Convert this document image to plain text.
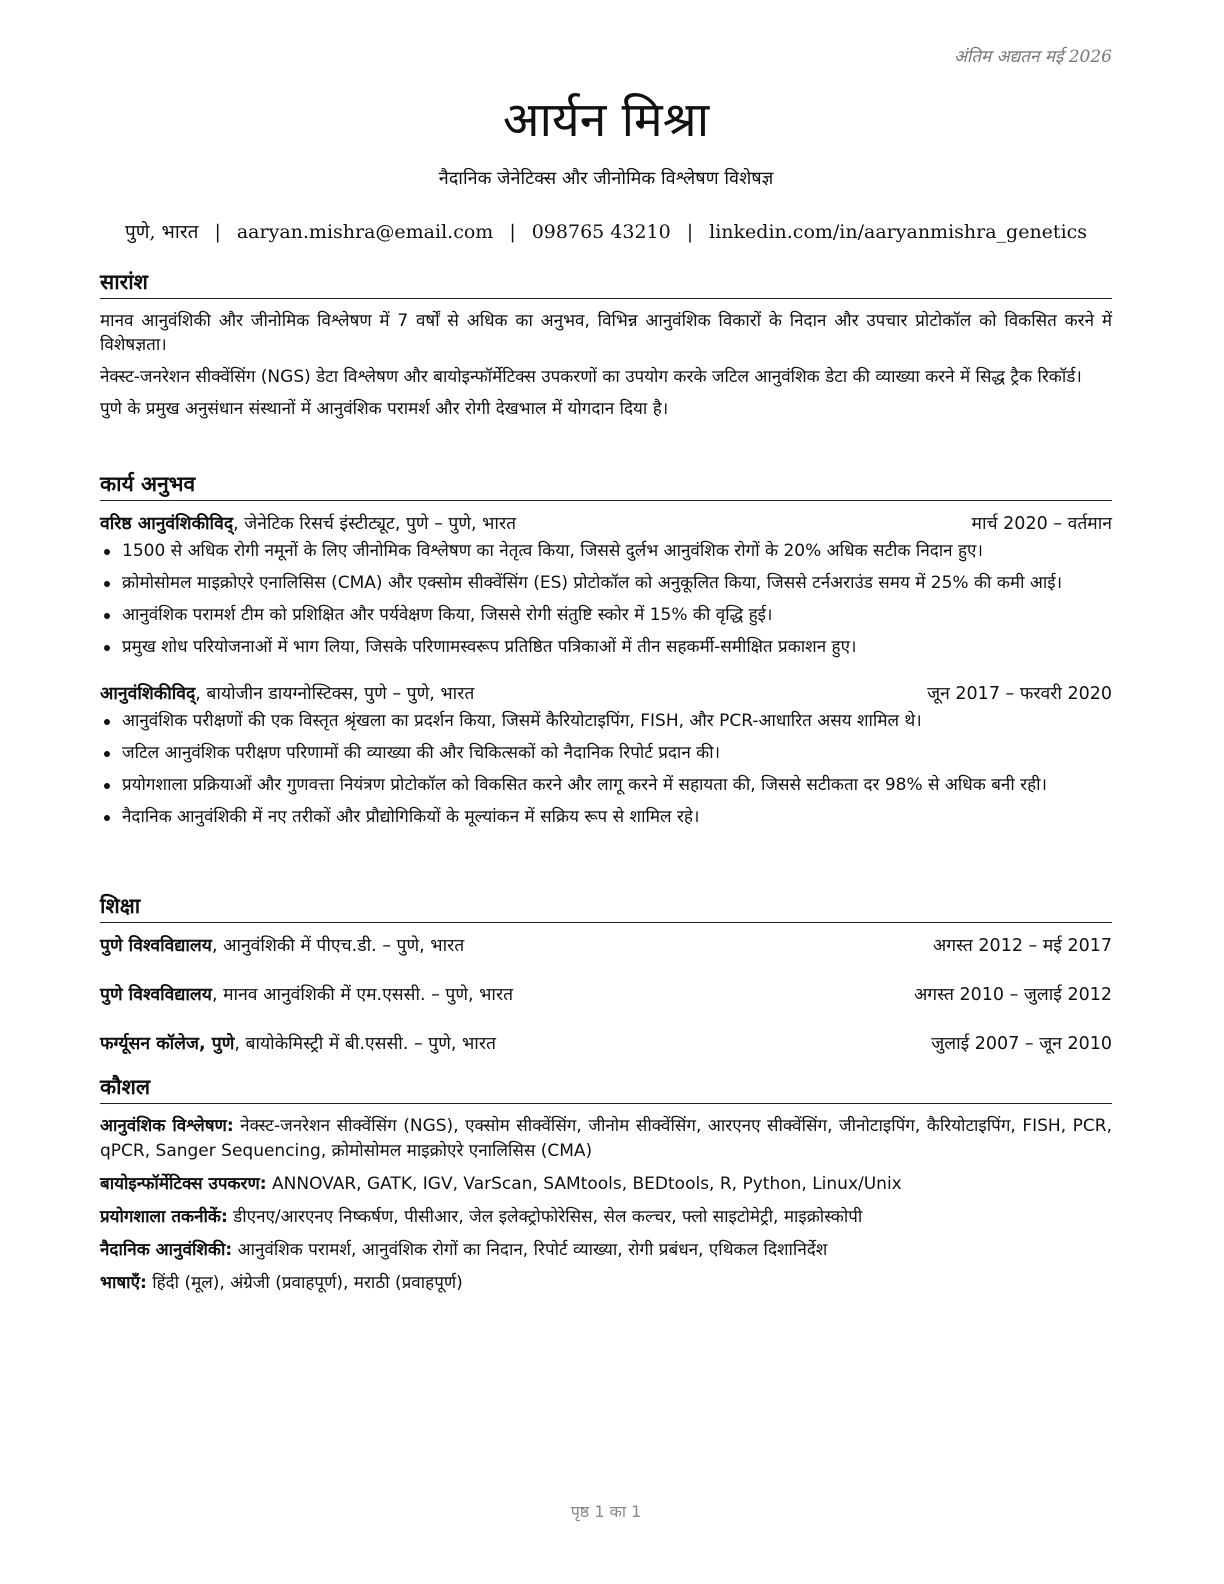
अंतिम अद्यतन मई 2026
आर्यन मिश्रा
नैदानिक जेनेटिक्स और जीनोमिक विश्लेषण विशेषज्ञ
पुणे, भारत | aaryan.mishra@email.com | 098765 43210 | linkedin.com/in/aaryanmishra_genetics
सारांश

मानव आनुवंशिकी और जीनोमिक विश्लेषण में 7 वर्षों से अधिक का अनुभव, विभिन्न आनुवंशिक विकारों के निदान और उपचार प्रोटोकॉल को विकसित करने में विशेषज्ञता।

नेक्स्ट-जनरेशन सीक्वेंसिंग (NGS) डेटा विश्लेषण और बायोइन्फॉर्मेटिक्स उपकरणों का उपयोग करके जटिल आनुवंशिक डेटा की व्याख्या करने में सिद्ध ट्रैक रिकॉर्ड।

पुणे के प्रमुख अनुसंधान संस्थानों में आनुवंशिक परामर्श और रोगी देखभाल में योगदान दिया है।

कार्य अनुभव
वरिष्ठ आनुवंशिकीविद्, जेनेटिक रिसर्च इंस्टीट्यूट, पुणे – पुणे, भारत	मार्च 2020 – वर्तमान
1500 से अधिक रोगी नमूनों के लिए जीनोमिक विश्लेषण का नेतृत्व किया, जिससे दुर्लभ आनुवंशिक रोगों के 20% अधिक सटीक निदान हुए।
क्रोमोसोमल माइक्रोएरे एनालिसिस (CMA) और एक्सोम सीक्वेंसिंग (ES) प्रोटोकॉल को अनुकूलित किया, जिससे टर्नअराउंड समय में 25% की कमी आई।
आनुवंशिक परामर्श टीम को प्रशिक्षित और पर्यवेक्षण किया, जिससे रोगी संतुष्टि स्कोर में 15% की वृद्धि हुई।
प्रमुख शोध परियोजनाओं में भाग लिया, जिसके परिणामस्वरूप प्रतिष्ठित पत्रिकाओं में तीन सहकर्मी-समीक्षित प्रकाशन हुए।
आनुवंशिकीविद्, बायोजीन डायग्नोस्टिक्स, पुणे – पुणे, भारत	जून 2017 – फरवरी 2020
आनुवंशिक परीक्षणों की एक विस्तृत श्रृंखला का प्रदर्शन किया, जिसमें कैरियोटाइपिंग, FISH, और PCR-आधारित असय शामिल थे।
जटिल आनुवंशिक परीक्षण परिणामों की व्याख्या की और चिकित्सकों को नैदानिक रिपोर्ट प्रदान की।
प्रयोगशाला प्रक्रियाओं और गुणवत्ता नियंत्रण प्रोटोकॉल को विकसित करने और लागू करने में सहायता की, जिससे सटीकता दर 98% से अधिक बनी रही।
नैदानिक आनुवंशिकी में नए तरीकों और प्रौद्योगिकियों के मूल्यांकन में सक्रिय रूप से शामिल रहे।
शिक्षा
पुणे विश्वविद्यालय, आनुवंशिकी में पीएच.डी. – पुणे, भारत	अगस्त 2012 – मई 2017
पुणे विश्वविद्यालय, मानव आनुवंशिकी में एम.एससी. – पुणे, भारत	अगस्त 2010 – जुलाई 2012
फर्ग्यूसन कॉलेज, पुणे, बायोकेमिस्ट्री में बी.एससी. – पुणे, भारत	जुलाई 2007 – जून 2010
कौशल

आनुवंशिक विश्लेषण: नेक्स्ट-जनरेशन सीक्वेंसिंग (NGS), एक्सोम सीक्वेंसिंग, जीनोम सीक्वेंसिंग, आरएनए सीक्वेंसिंग, जीनोटाइपिंग, कैरियोटाइपिंग, FISH, PCR, qPCR, Sanger Sequencing, क्रोमोसोमल माइक्रोएरे एनालिसिस (CMA)

बायोइन्फॉर्मेटिक्स उपकरण: ANNOVAR, GATK, IGV, VarScan, SAMtools, BEDtools, R, Python, Linux/Unix

प्रयोगशाला तकनीकें: डीएनए/आरएनए निष्कर्षण, पीसीआर, जेल इलेक्ट्रोफोरेसिस, सेल कल्चर, फ्लो साइटोमेट्री, माइक्रोस्कोपी

नैदानिक आनुवंशिकी: आनुवंशिक परामर्श, आनुवंशिक रोगों का निदान, रिपोर्ट व्याख्या, रोगी प्रबंधन, एथिकल दिशानिर्देश

भाषाएँ: हिंदी (मूल), अंग्रेजी (प्रवाहपूर्ण), मराठी (प्रवाहपूर्ण)

पृष्ठ 1 का 1
